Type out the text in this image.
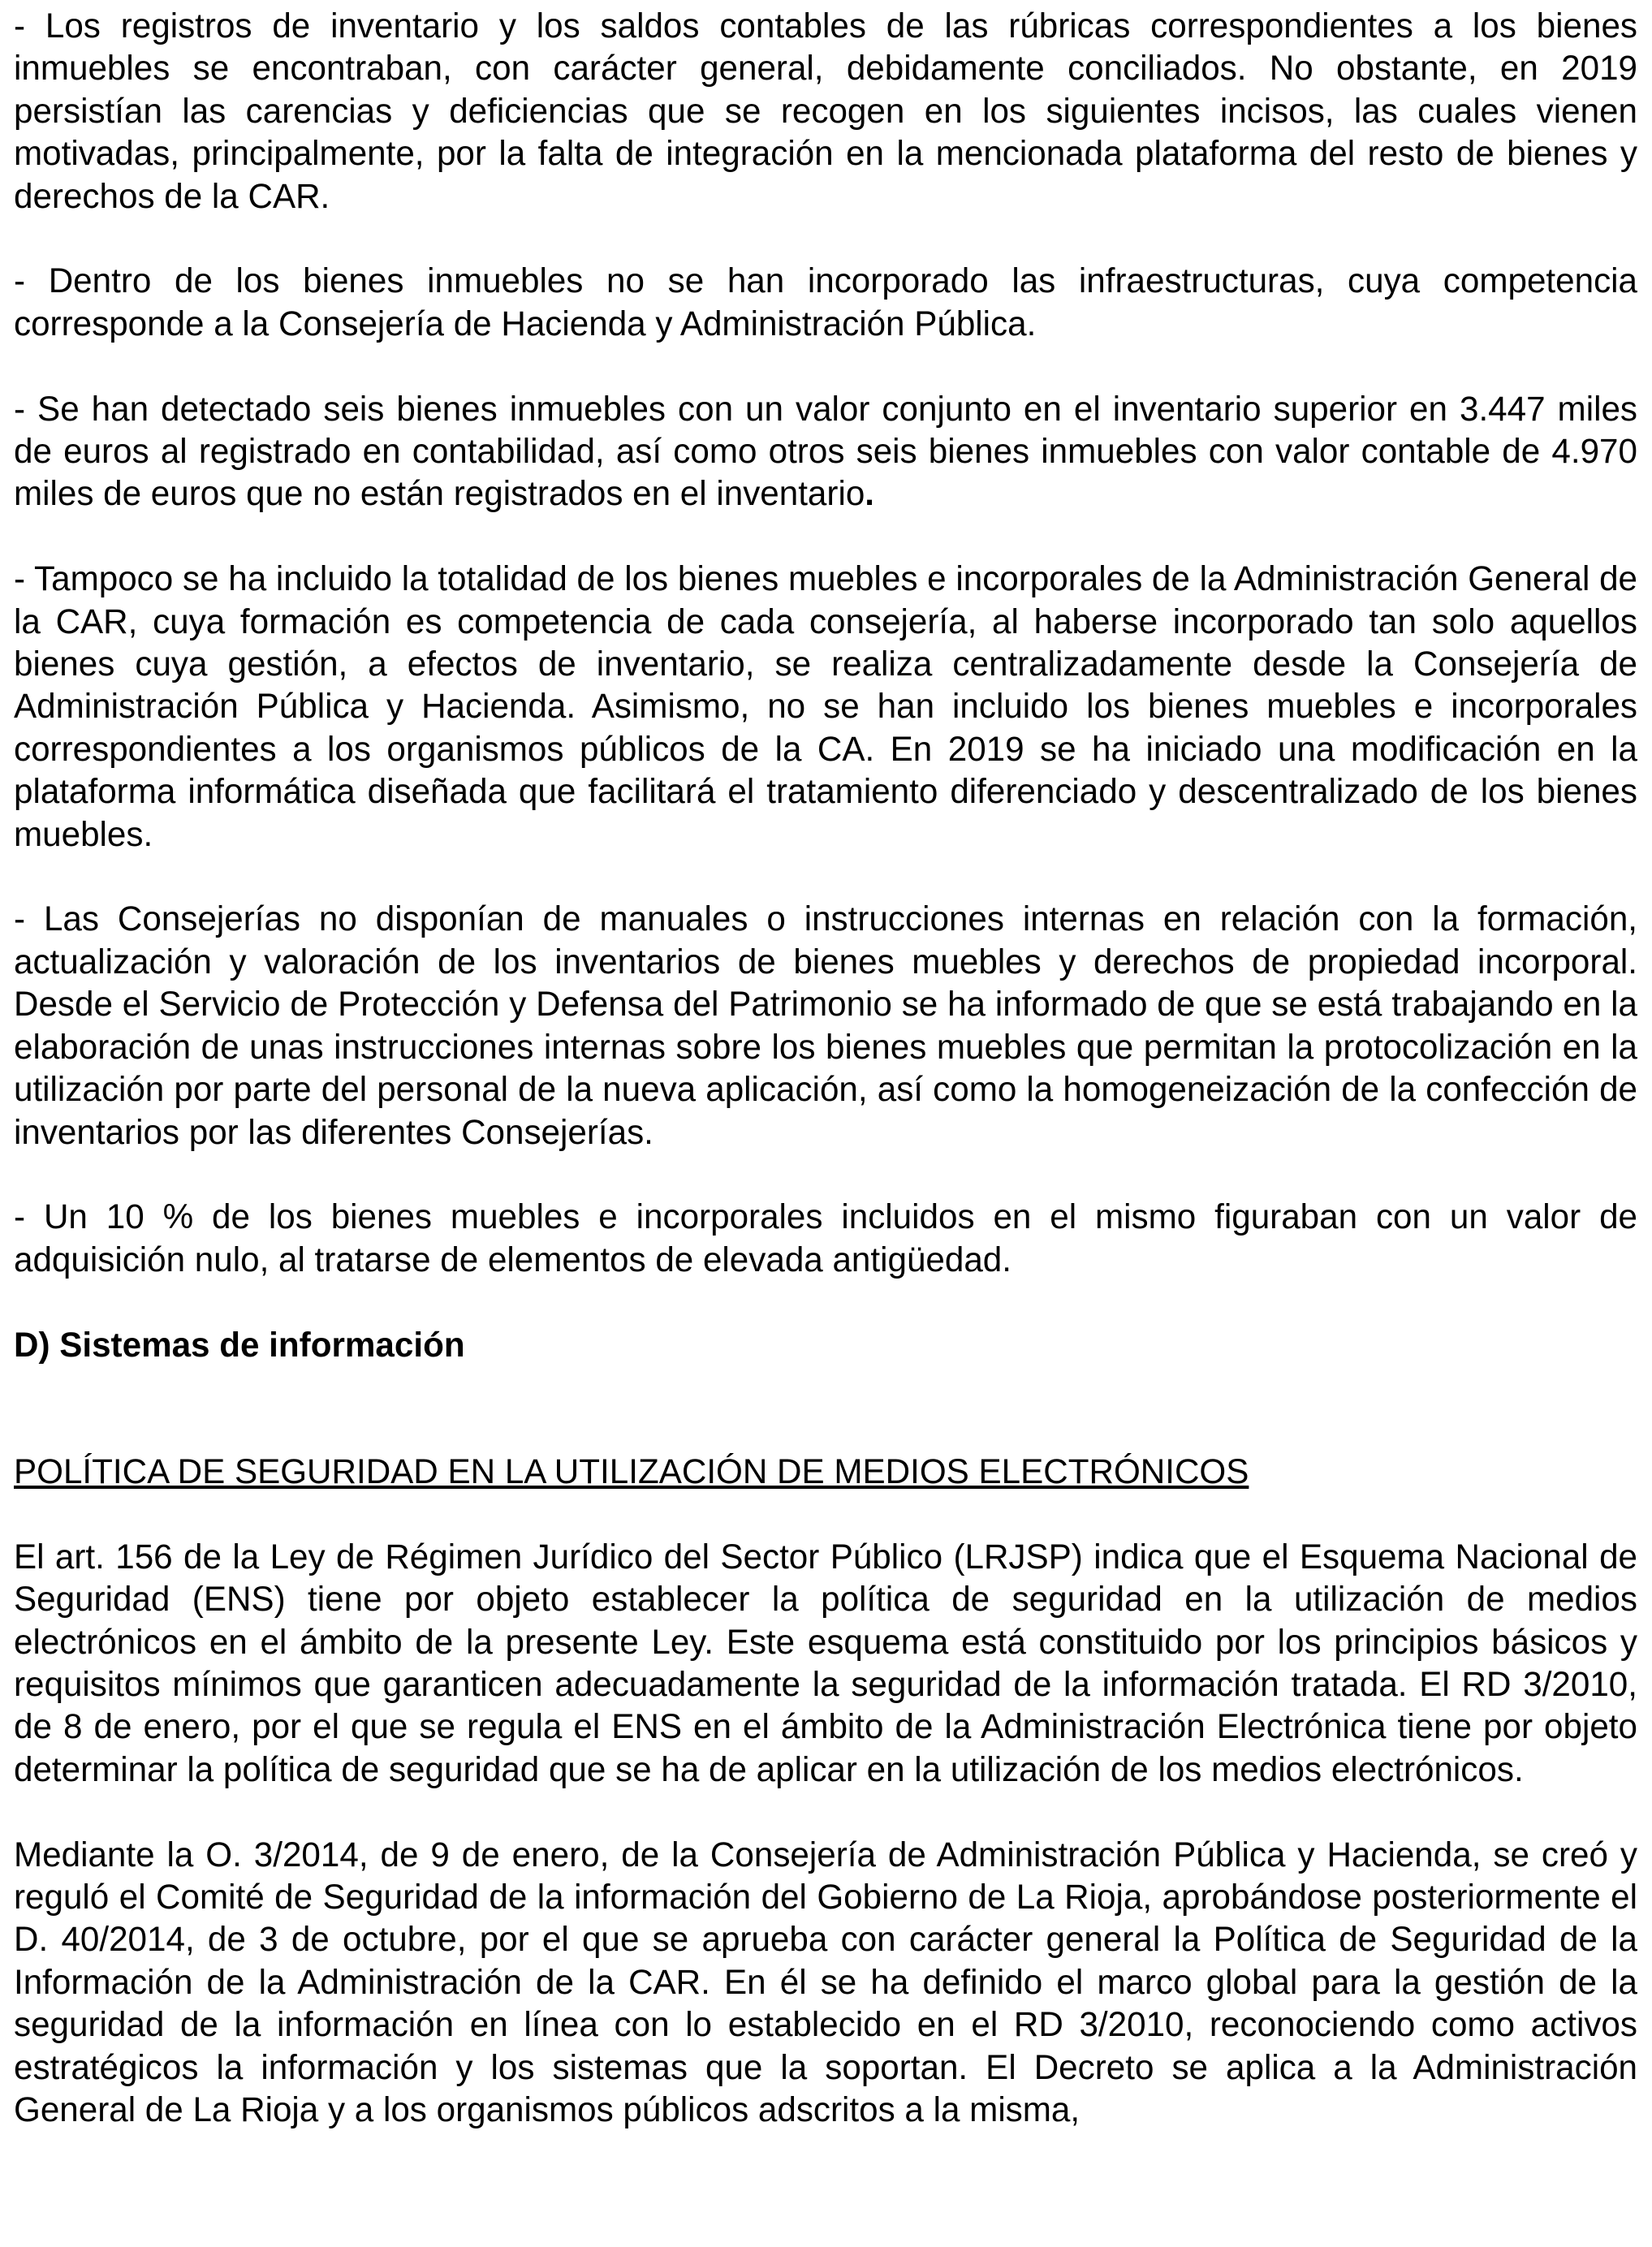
- Los registros de inventario y los saldos contables de las rúbricas correspondientes a los bienes inmuebles se encontraban, con carácter general, debidamente conciliados. No obstante, en 2019 persistían las carencias y deficiencias que se recogen en los siguientes incisos, las cuales vienen motivadas, principalmente, por la falta de integración en la mencionada plataforma del resto de bienes y derechos de la CAR.

- Dentro de los bienes inmuebles no se han incorporado las infraestructuras, cuya competencia corresponde a la Consejería de Hacienda y Administración Pública.

- Se han detectado seis bienes inmuebles con un valor conjunto en el inventario superior en 3.447 miles de euros al registrado en contabilidad, así como otros seis bienes inmuebles con valor contable de 4.970 miles de euros que no están registrados en el inventario.

- Tampoco se ha incluido la totalidad de los bienes muebles e incorporales de la Administración General de la CAR, cuya formación es competencia de cada consejería, al haberse incorporado tan solo aquellos bienes cuya gestión, a efectos de inventario, se realiza centralizadamente desde la Consejería de Administración Pública y Hacienda. Asimismo, no se han incluido los bienes muebles e incorporales correspondientes a los organismos públicos de la CA. En 2019 se ha iniciado una modificación en la plataforma informática diseñada que facilitará el tratamiento diferenciado y descentralizado de los bienes muebles.

- Las Consejerías no disponían de manuales o instrucciones internas en relación con la formación, actualización y valoración de los inventarios de bienes muebles y derechos de propiedad incorporal. Desde el Servicio de Protección y Defensa del Patrimonio se ha informado de que se está trabajando en la elaboración de unas instrucciones internas sobre los bienes muebles que permitan la protocolización en la utilización por parte del personal de la nueva aplicación, así como la homogeneización de la confección de inventarios por las diferentes Consejerías.

- Un 10 % de los bienes muebles e incorporales incluidos en el mismo figuraban con un valor de adquisición nulo, al tratarse de elementos de elevada antigüedad.

D) Sistemas de información

POLÍTICA DE SEGURIDAD EN LA UTILIZACIÓN DE MEDIOS ELECTRÓNICOS

El art. 156 de la Ley de Régimen Jurídico del Sector Público (LRJSP) indica que el Esquema Nacional de Seguridad (ENS) tiene por objeto establecer la política de seguridad en la utilización de medios electrónicos en el ámbito de la presente Ley. Este esquema está constituido por los principios básicos y requisitos mínimos que garanticen adecuadamente la seguridad de la información tratada. El RD 3/2010, de 8 de enero, por el que se regula el ENS en el ámbito de la Administración Electrónica tiene por objeto determinar la política de seguridad que se ha de aplicar en la utilización de los medios electrónicos.

Mediante la O. 3/2014, de 9 de enero, de la Consejería de Administración Pública y Hacienda, se creó y reguló el Comité de Seguridad de la información del Gobierno de La Rioja, aprobándose posteriormente el D. 40/2014, de 3 de octubre, por el que se aprueba con carácter general la Política de Seguridad de la Información de la Administración de la CAR. En él se ha definido el marco global para la gestión de la seguridad de la información en línea con lo establecido en el RD 3/2010, reconociendo como activos estratégicos la información y los sistemas que la soportan. El Decreto se aplica a la Administración General de La Rioja y a los organismos públicos adscritos a la misma,
